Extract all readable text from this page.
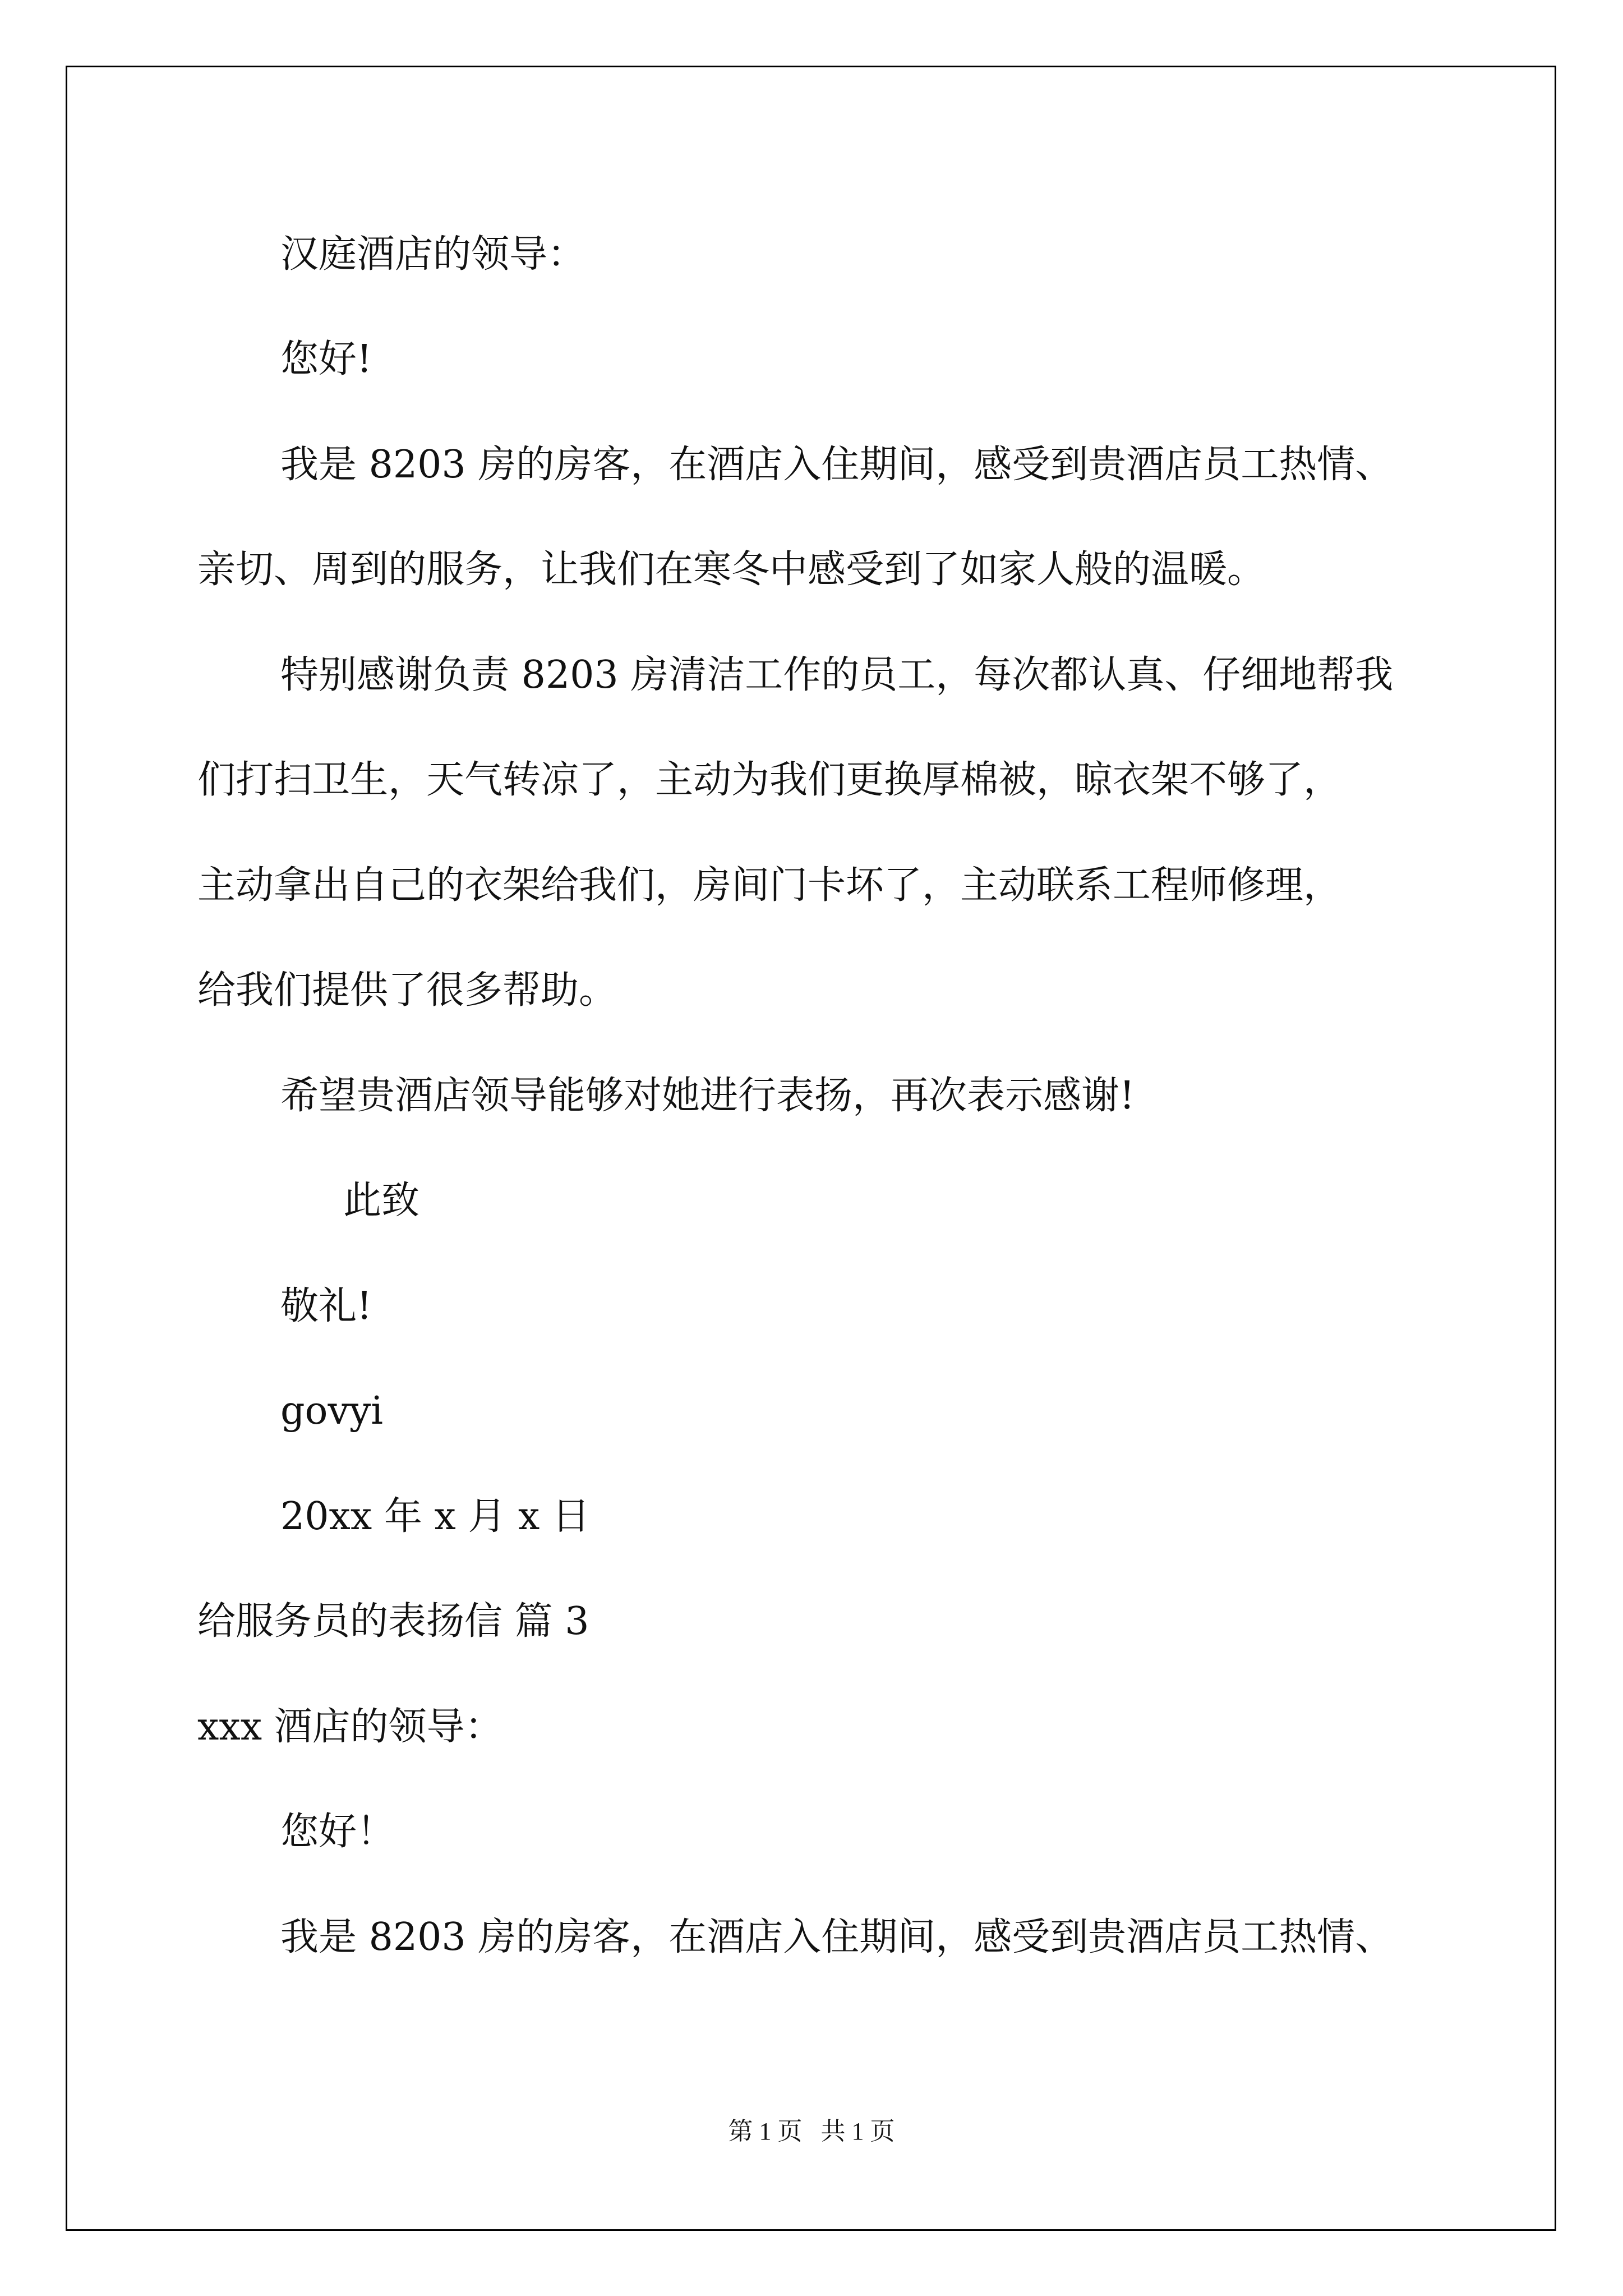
汉庭酒店的领导：

您好!

我是 8203 房的房客，在酒店入住期间，感受到贵酒店员工热情、

亲切、周到的服务，让我们在寒冬中感受到了如家人般的温暖。

特别感谢负责 8203 房清洁工作的员工，每次都认真、仔细地帮我

们打扫卫生，天气转凉了，主动为我们更换厚棉被，晾衣架不够了，

主动拿出自己的衣架给我们，房间门卡坏了，主动联系工程师修理，

给我们提供了很多帮助。

希望贵酒店领导能够对她进行表扬，再次表示感谢!

此致

敬礼!

govyi

20xx 年 x 月 x 日

给服务员的表扬信 篇 3

xxx 酒店的领导：

您好！

我是 8203 房的房客，在酒店入住期间，感受到贵酒店员工热情、

第 1 页   共 1 页
